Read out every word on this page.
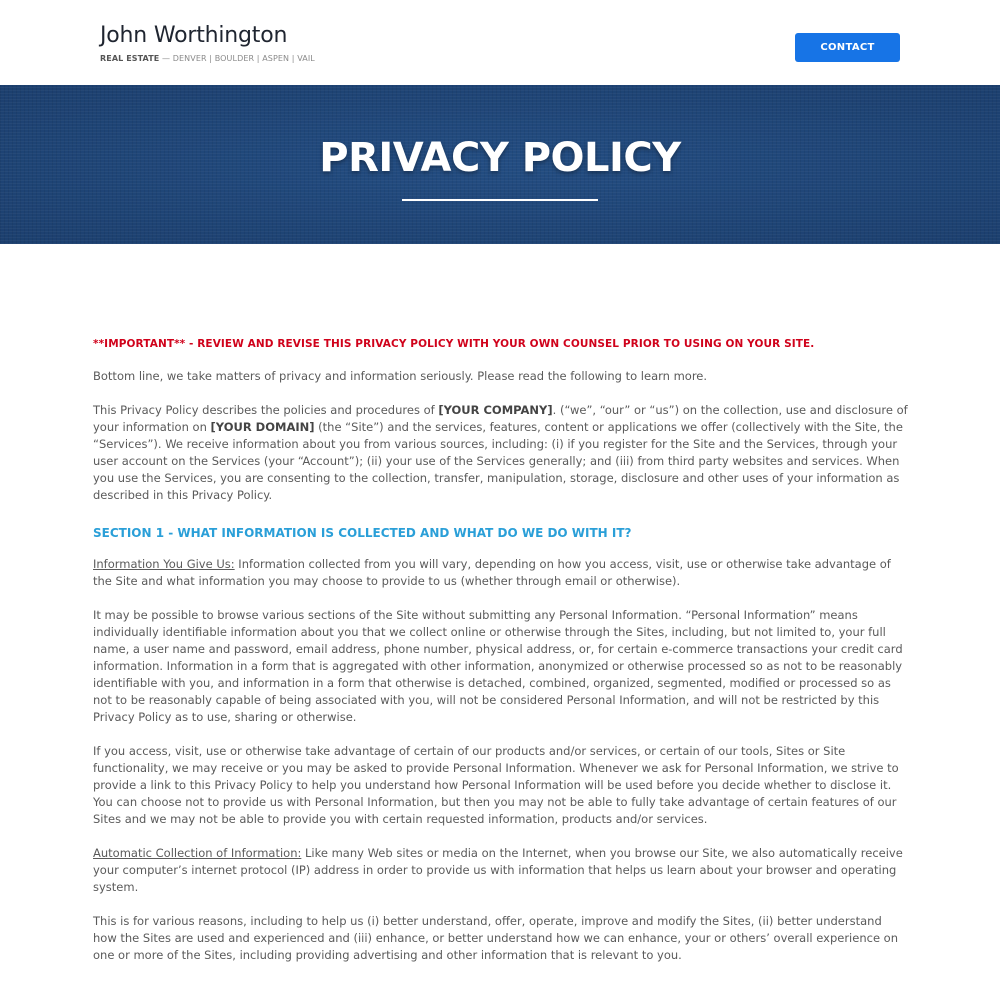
John Worthington
REAL ESTATE — DENVER | BOULDER | ASPEN | VAIL
CONTACT
PRIVACY POLICY

**IMPORTANT** - REVIEW AND REVISE THIS PRIVACY POLICY WITH YOUR OWN COUNSEL PRIOR TO USING ON YOUR SITE.

Bottom line, we take matters of privacy and information seriously. Please read the following to learn more.

This Privacy Policy describes the policies and procedures of [YOUR COMPANY]. (“we”, “our” or “us”) on the collection, use and disclosure of your information on [YOUR DOMAIN] (the “Site”) and the services, features, content or applications we offer (collectively with the Site, the “Services”). We receive information about you from various sources, including: (i) if you register for the Site and the Services, through your user account on the Services (your “Account”); (ii) your use of the Services generally; and (iii) from third party websites and services. When you use the Services, you are consenting to the collection, transfer, manipulation, storage, disclosure and other uses of your information as described in this Privacy Policy.

SECTION 1 - WHAT INFORMATION IS COLLECTED AND WHAT DO WE DO WITH IT?

Information You Give Us: Information collected from you will vary, depending on how you access, visit, use or otherwise take advantage of the Site and what information you may choose to provide to us (whether through email or otherwise).

It may be possible to browse various sections of the Site without submitting any Personal Information. “Personal Information” means individually identifiable information about you that we collect online or otherwise through the Sites, including, but not limited to, your full name, a user name and password, email address, phone number, physical address, or, for certain e-commerce transactions your credit card information. Information in a form that is aggregated with other information, anonymized or otherwise processed so as not to be reasonably identifiable with you, and information in a form that otherwise is detached, combined, organized, segmented, modified or processed so as not to be reasonably capable of being associated with you, will not be considered Personal Information, and will not be restricted by this Privacy Policy as to use, sharing or otherwise.

If you access, visit, use or otherwise take advantage of certain of our products and/or services, or certain of our tools, Sites or Site functionality, we may receive or you may be asked to provide Personal Information. Whenever we ask for Personal Information, we strive to provide a link to this Privacy Policy to help you understand how Personal Information will be used before you decide whether to disclose it. You can choose not to provide us with Personal Information, but then you may not be able to fully take advantage of certain features of our Sites and we may not be able to provide you with certain requested information, products and/or services.

Automatic Collection of Information: Like many Web sites or media on the Internet, when you browse our Site, we also automatically receive your computer’s internet protocol (IP) address in order to provide us with information that helps us learn about your browser and operating system.

This is for various reasons, including to help us (i) better understand, offer, operate, improve and modify the Sites, (ii) better understand how the Sites are used and experienced and (iii) enhance, or better understand how we can enhance, your or others’ overall experience on one or more of the Sites, including providing advertising and other information that is relevant to you.
